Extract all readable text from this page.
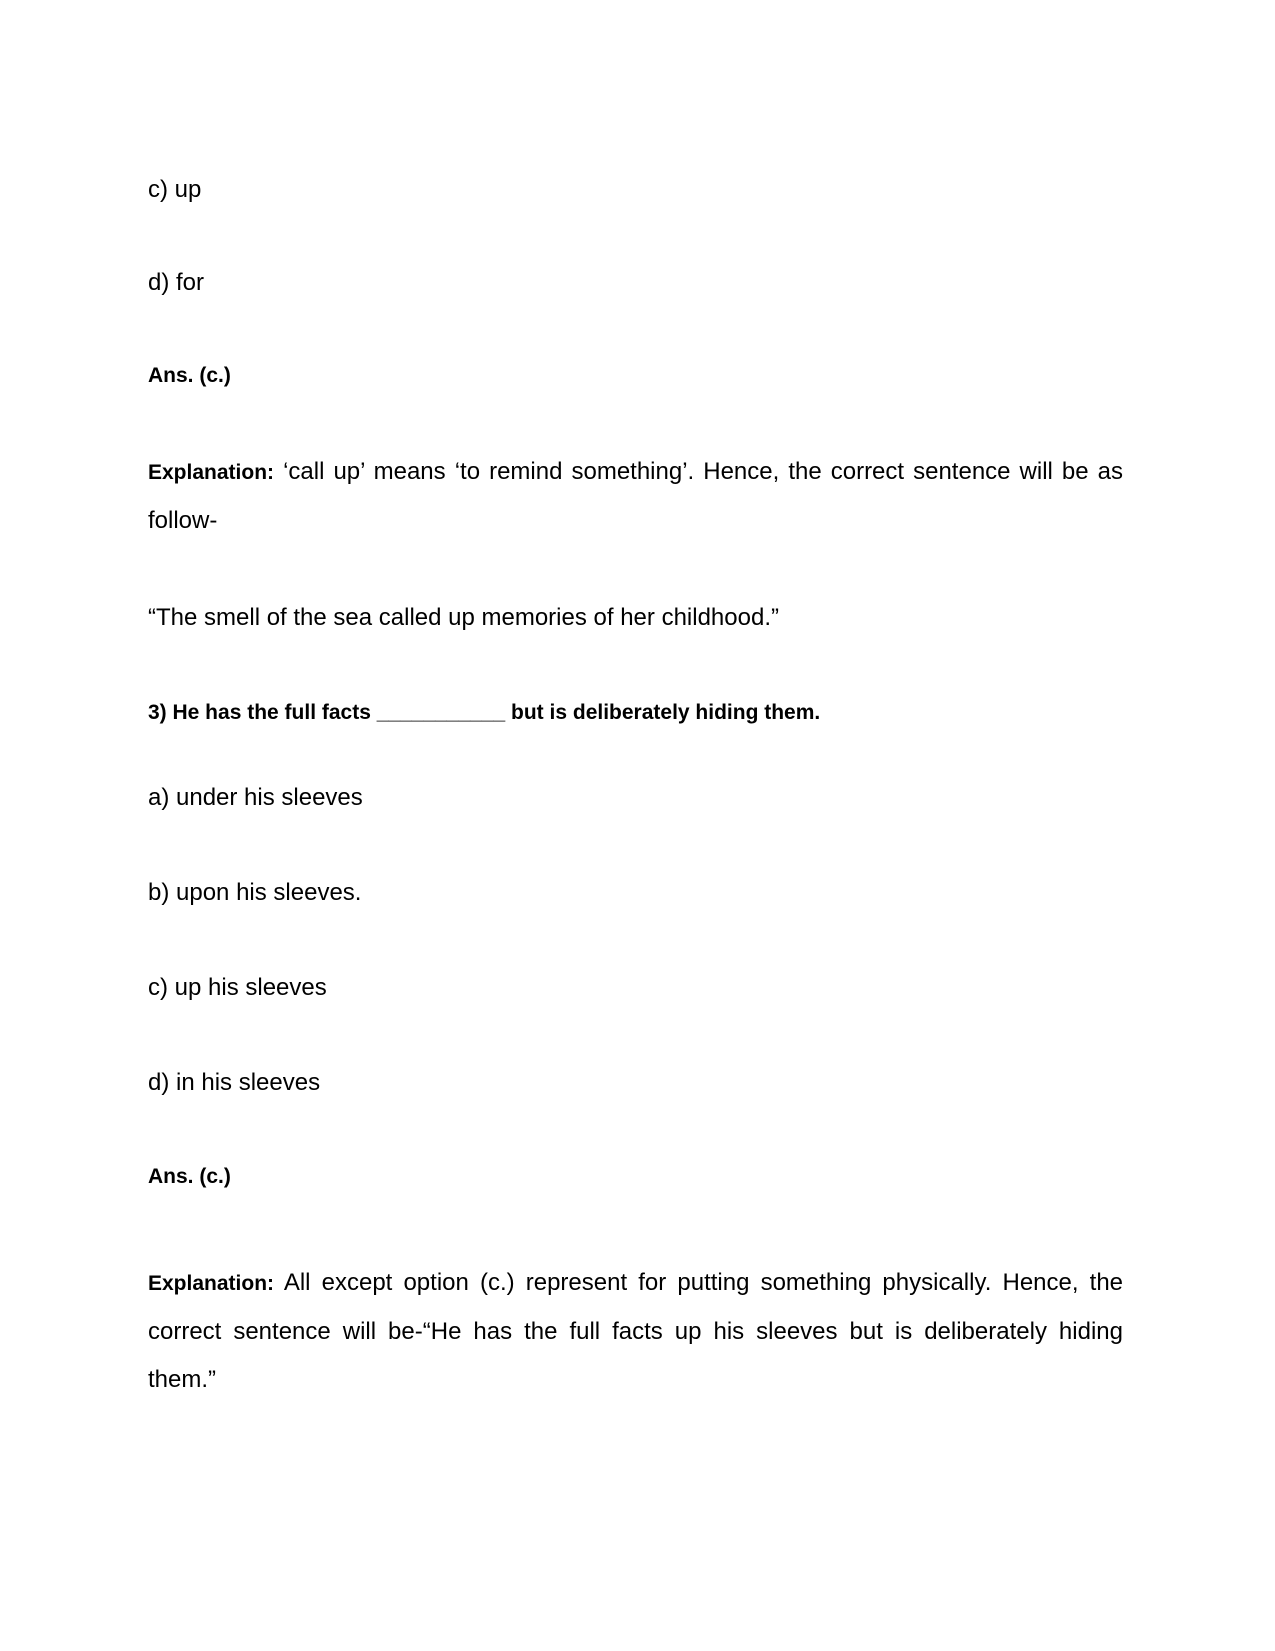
c) up
d) for
Ans. (c.)
Explanation: ‘call up’ means ‘to remind something’. Hence, the correct sentence will be as follow-
“The smell of the sea called up memories of her childhood.”
3) He has the full facts ___________ but is deliberately hiding them.
a) under his sleeves
b) upon his sleeves.
c) up his sleeves
d) in his sleeves
Ans. (c.)
Explanation: All except option (c.) represent for putting something physically. Hence, the correct sentence will be-“He has the full facts up his sleeves but is deliberately hiding them.”
